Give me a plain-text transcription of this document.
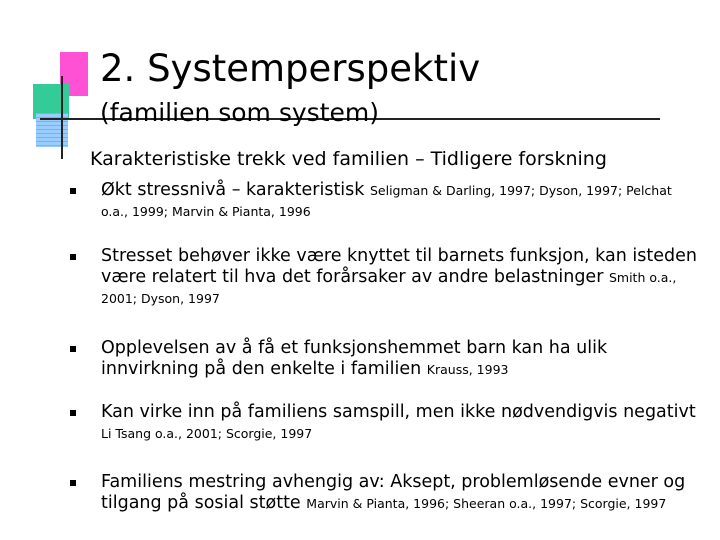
2. Systemperspektiv
(familien som system)
Karakteristiske trekk ved familien – Tidligere forskning
Økt stressnivå – karakteristisk Seligman & Darling, 1997; Dyson, 1997; Pelchat o.a., 1999; Marvin & Pianta, 1996
Stresset behøver ikke være knyttet til barnets funksjon, kan isteden være relatert til hva det forårsaker av andre belastninger Smith o.a., 2001; Dyson, 1997
Opplevelsen av å få et funksjonshemmet barn kan ha ulik innvirkning på den enkelte i familien Krauss, 1993
Kan virke inn på familiens samspill, men ikke nødvendigvis negativt Li Tsang o.a., 2001; Scorgie, 1997
Familiens mestring avhengig av: Aksept, problemløsende evner og tilgang på sosial støtte Marvin & Pianta, 1996; Sheeran o.a., 1997; Scorgie, 1997
